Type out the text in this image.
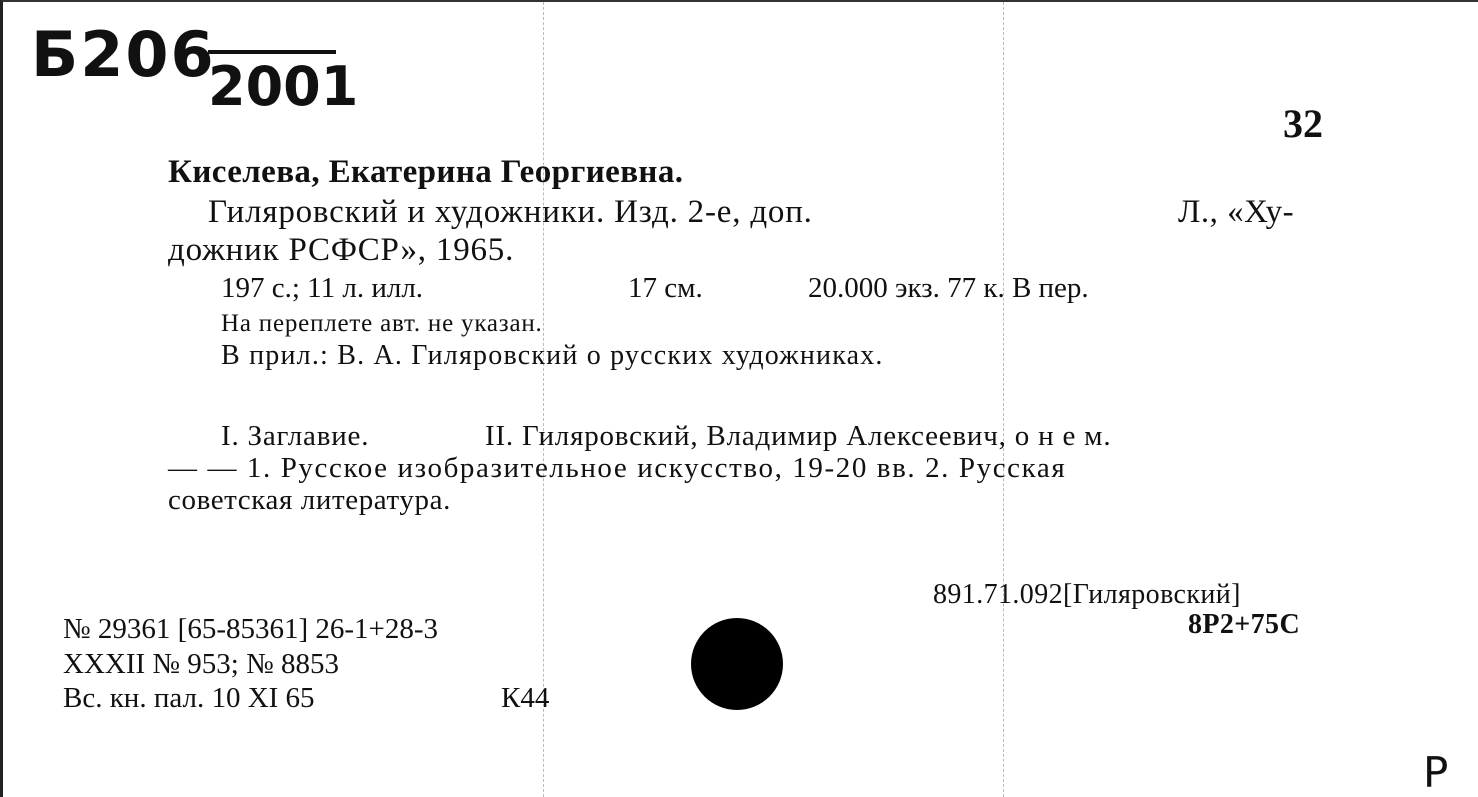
Б206
2001
32
Киселева, Екатерина Георгиевна.
Гиляровский и художники. Изд. 2-е, доп.	Л., «Ху-
дожник РСФСР», 1965.
197 с.; 11 л. илл.	17 см.	20.000 экз. 77 к. В пер.
На переплете авт. не указан.
В прил.: В. А. Гиляровский о русских художниках.
I. Заглавие.	II. Гиляровский, Владимир Алексеевич, о н е м.
— — 1. Русское изобразительное искусство, 19-20 вв. 2. Русская
советская литература.
891.71.092[Гиляровский]
8Р2+75С
№ 29361 [65-85361] 26-1+28-3
XXXII № 953; № 8853
Вс. кн. пал. 10 XI 65	К44
Р
